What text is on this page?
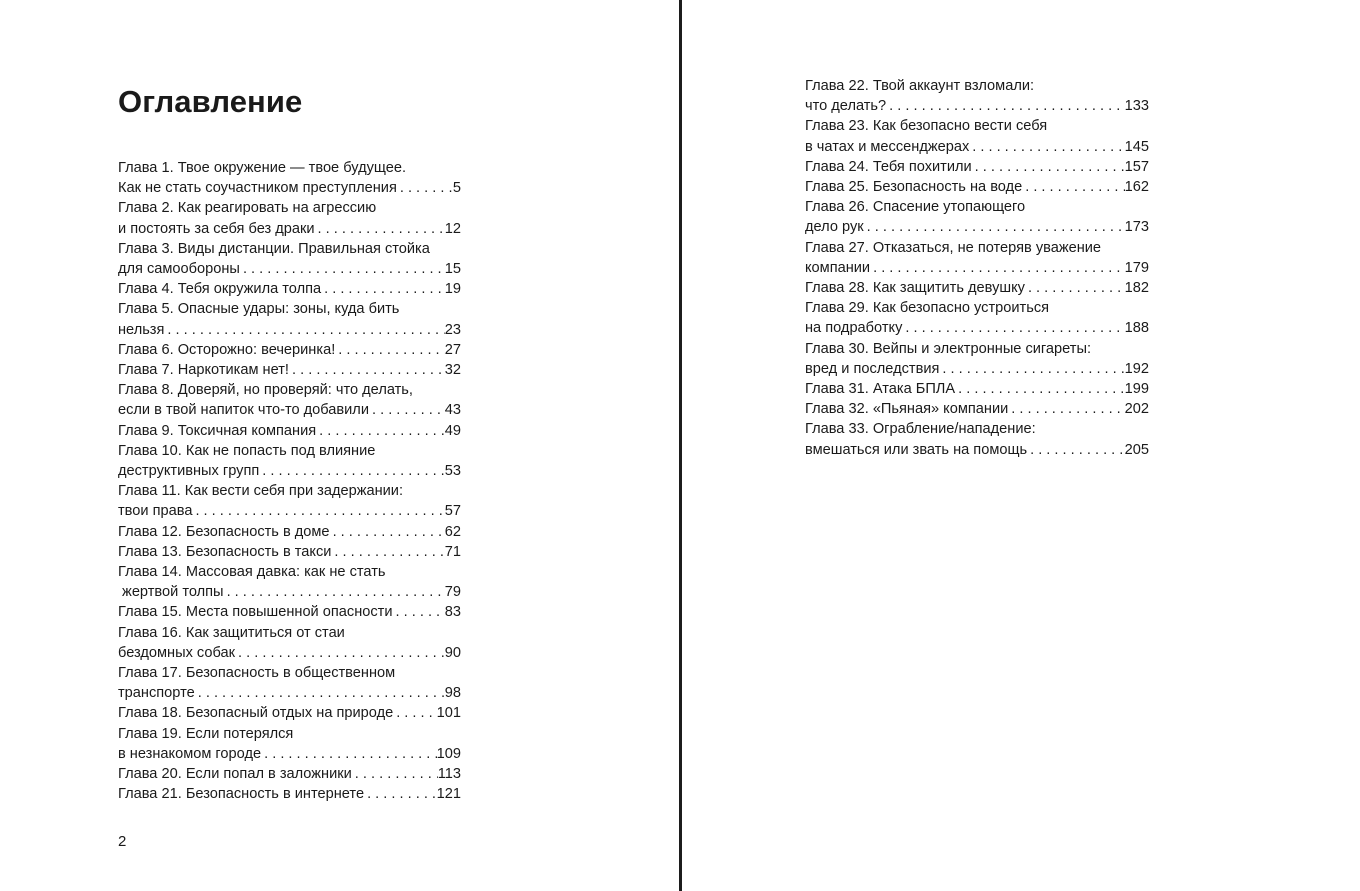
Оглавление
Глава 1. Твое окружение — твое будущее.
Как не стать соучастником преступления . . .	5
Глава 2. Как реагировать на агрессию
и постоять за себя без драки . . .	12
Глава 3. Виды дистанции. Правильная стойка
для самообороны . . .	15
Глава 4. Тебя окружила толпа . . .	19
Глава 5. Опасные удары: зоны, куда бить
нельзя . . .	23
Глава 6. Осторожно: вечеринка! . . .	27
Глава 7. Наркотикам нет! . . .	32
Глава 8. Доверяй, но проверяй: что делать,
если в твой напиток что-то добавили . . .	43
Глава 9. Токсичная компания . . .	49
Глава 10. Как не попасть под влияние
деструктивных групп . . .	53
Глава 11. Как вести себя при задержании:
твои права . . .	57
Глава 12. Безопасность в доме . . .	62
Глава 13. Безопасность в такси . . .	71
Глава 14. Массовая давка: как не стать
жертвой толпы . . .	79
Глава 15. Места повышенной опасности . . .	83
Глава 16. Как защититься от стаи
бездомных собак . . .	90
Глава 17. Безопасность в общественном
транспорте . . .	98
Глава 18. Безопасный отдых на природе . . .	101
Глава 19. Если потерялся
в незнакомом городе . . .	109
Глава 20. Если попал в заложники . . .	113
Глава 21. Безопасность в интернете . . .	121
2
Глава 22. Твой аккаунт взломали:
что делать? . . .	133
Глава 23. Как безопасно вести себя
в чатах и мессенджерах . . .	145
Глава 24. Тебя похитили . . .	157
Глава 25. Безопасность на воде . . .	162
Глава 26. Спасение утопающего
дело рук . . .	173
Глава 27. Отказаться, не потеряв уважение
компании . . .	179
Глава 28. Как защитить девушку . . .	182
Глава 29. Как безопасно устроиться
на подработку . . .	188
Глава 30. Вейпы и электронные сигареты:
вред и последствия . . .	192
Глава 31. Атака БПЛА . . .	199
Глава 32. «Пьяная» компании . . .	202
Глава 33. Ограбление/нападение:
вмешаться или звать на помощь . . .	205
